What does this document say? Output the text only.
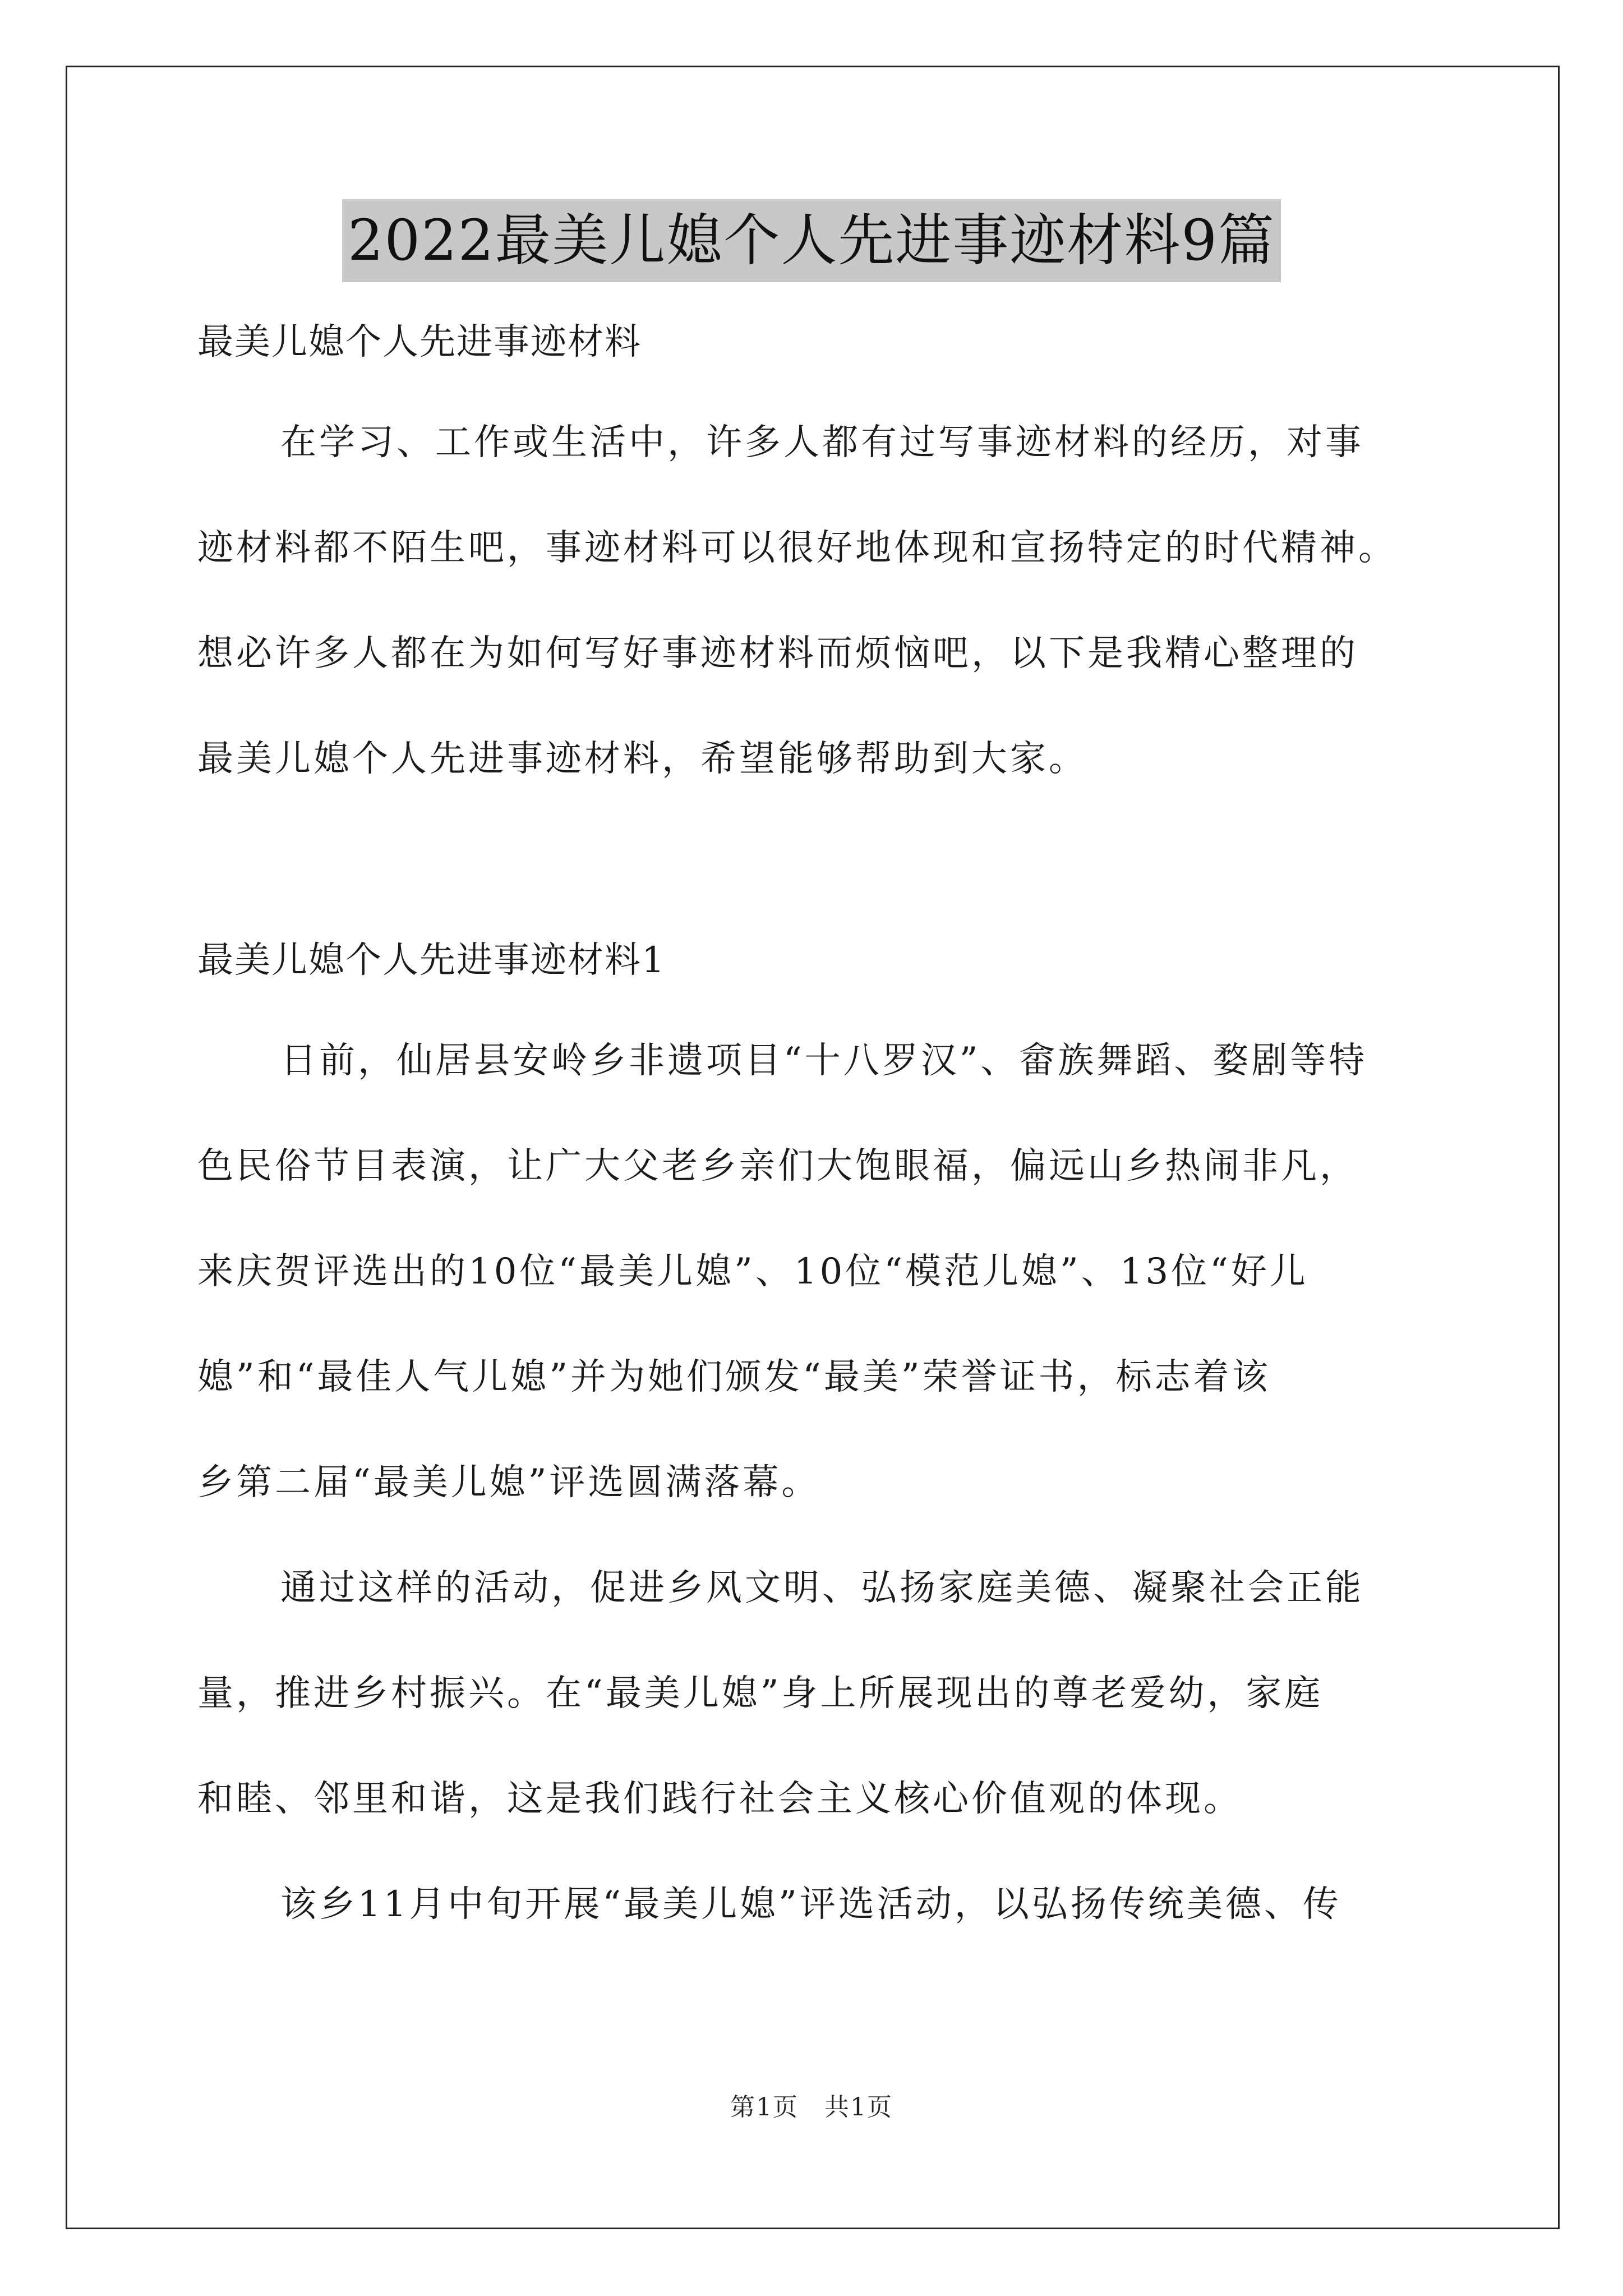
2022最美儿媳个人先进事迹材料9篇

最美儿媳个人先进事迹材料

在学习、工作或生活中，许多人都有过写事迹材料的经历，对事
迹材料都不陌生吧，事迹材料可以很好地体现和宣扬特定的时代精神。
想必许多人都在为如何写好事迹材料而烦恼吧，以下是我精心整理的
最美儿媳个人先进事迹材料，希望能够帮助到大家。

最美儿媳个人先进事迹材料1

日前，仙居县安岭乡非遗项目“十八罗汉”、畲族舞蹈、婺剧等特
色民俗节目表演，让广大父老乡亲们大饱眼福，偏远山乡热闹非凡，
来庆贺评选出的10位“最美儿媳”、10位“模范儿媳”、13位“好儿
媳”和“最佳人气儿媳”并为她们颁发“最美”荣誉证书，标志着该
乡第二届“最美儿媳”评选圆满落幕。

通过这样的活动，促进乡风文明、弘扬家庭美德、凝聚社会正能
量，推进乡村振兴。在“最美儿媳”身上所展现出的尊老爱幼，家庭
和睦、邻里和谐，这是我们践行社会主义核心价值观的体现。

该乡11月中旬开展“最美儿媳”评选活动，以弘扬传统美德、传

第1页　共1页
